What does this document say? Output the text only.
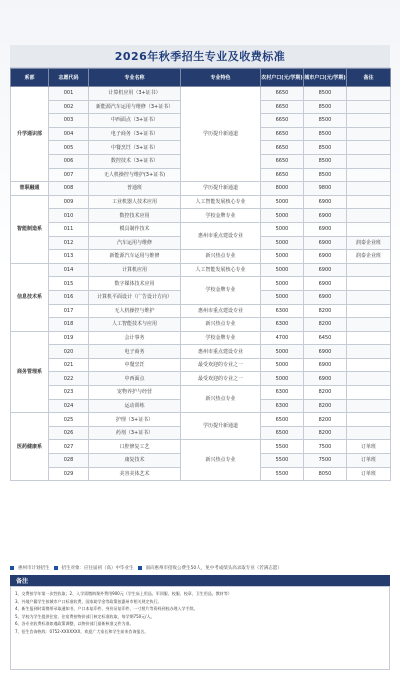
2026年秋季招生专业及收费标准
系部	志愿代码	专业名称	专业特色	农村户口(元/学期)	城市户口(元/学期)	备注
升学通识部	001	计算机应用（3+证书）	学历提升新通道	6650	8500	
	002	新能源汽车运用与维修（3+证书）		6650	8500	
	003	中西面点（3+证书）		6650	8500	
	004	电子商务（3+证书）		6650	8500	
	005	中餐烹饪（3+证书）		6650	8500	
	006	数控技术（3+证书）		6650	8500	
	007	无人机操控与维护(3+证书)		6650	8500	
普职融通	008	普通班	学历提升新通道	8000	9800	
智能制造系	009	工业机器人技术应用	人工智能发展核心专业	5000	6900	
	010	数控技术应用	学校金牌专业	5000	6900	
	011	模具制作技术	惠州市重点建设专业	5000	6900	
	012	汽车运用与维修		5000	6900	润泰企业班
	013	新能源汽车运用与维修	新兴热点专业	5000	6900	润泰企业班
信息技术系	014	计算机应用	人工智能发展核心专业	5000	6900	
	015	数字媒体技术应用	学校金牌专业	5000	6900	
	016	计算机平面设计（广告设计方向）		5000	6900	
	017	无人机操控与维护	惠州市重点建设专业	6300	8200	
	018	人工智能技术与应用	新兴热点专业	6300	8200	
商务管理系	019	会计事务	学校金牌专业	4700	6450	
	020	电子商务	惠州市重点建设专业	5000	6900	
	021	中餐烹饪	最受欢迎的专业之一	5000	6900	
	022	中西面点	最受欢迎的专业之一	5000	6900	
	023	宠物养护与经营	新兴热点专业	6300	8200	
	024	运动训练		6300	8200	
医药健康系	025	护理（3+证书）	学历提升新通道	6500	8200	
	026	药剂（3+证书）		6500	8200	
	027	口腔修复工艺	新兴热点专业	5500	7500	订单班
	028	康复技术		5500	7500	订单班
	029	美容美体艺术		5500	8050	订单班
惠州市计划招生	招生对象：应往届初（高）中毕业生	面向惠州市招收公费生50人，免中考成绩头高录取专业（若满志愿）
备注
1、交费按学年第一次性收取；2、入学需缴纳课外费用900元（学生床上用品、军训服、校服、校章、卫生用品、教材等）
3、外地户籍学生按城市户口标准收费，国家助学金等政策按惠州市相关规定执行。
4、新生报到时需携带录取通知书、户口本复印件、身份证复印件、一寸照片等资料到校办理入学手续。
5、学校为学生提供住宿，住宿费按物价部门核定标准收取，每学期750元/人。
6、各专业收费标准如遇政策调整，以物价部门最新核准文件为准。
7、招生咨询热线：0752-XXXXXXX，欢迎广大家长和学生前来咨询报名。
